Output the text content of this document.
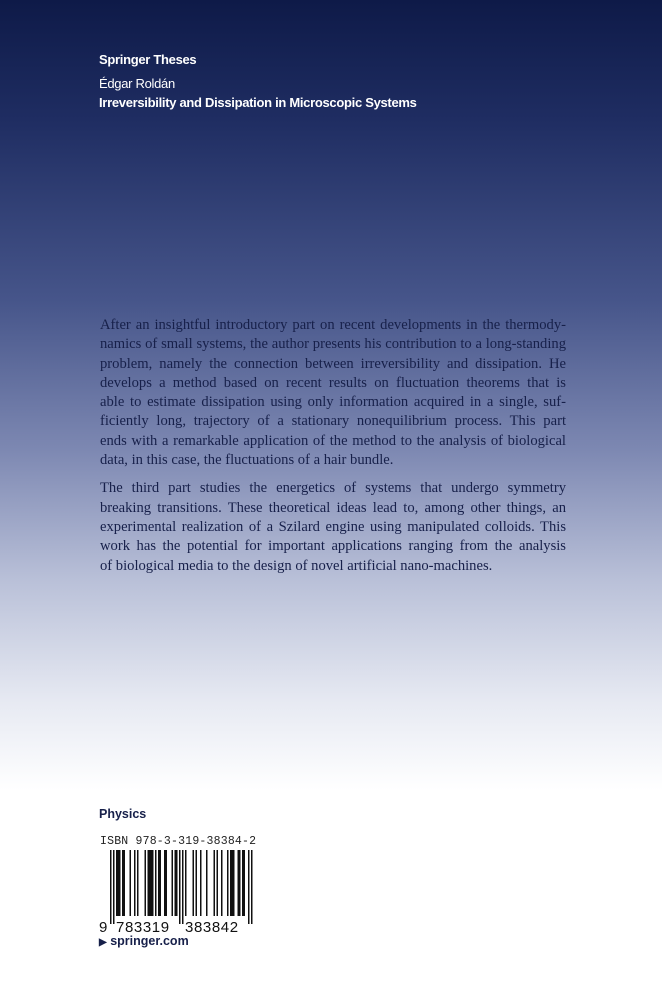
Springer Theses
Édgar Roldán
Irreversibility and Dissipation in Microscopic Systems
After an insightful introductory part on recent developments in the thermody-
namics of small systems, the author presents his contribution to a long-standing
problem, namely the connection between irreversibility and dissipation. He
develops a method based on recent results on fluctuation theorems that is
able to estimate dissipation using only information acquired in a single, suf-
ficiently long, trajectory of a stationary nonequilibrium process. This part
ends with a remarkable application of the method to the analysis of biological
data, in this case, the fluctuations of a hair bundle.
The third part studies the energetics of systems that undergo symmetry
breaking transitions. These theoretical ideas lead to, among other things, an
experimental realization of a Szilard engine using manipulated colloids. This
work has the potential for important applications ranging from the analysis
of biological media to the design of novel artificial nano-machines.
Physics
ISBN 978-3-319-38384-2
9 783319 383842
▶ springer.com
